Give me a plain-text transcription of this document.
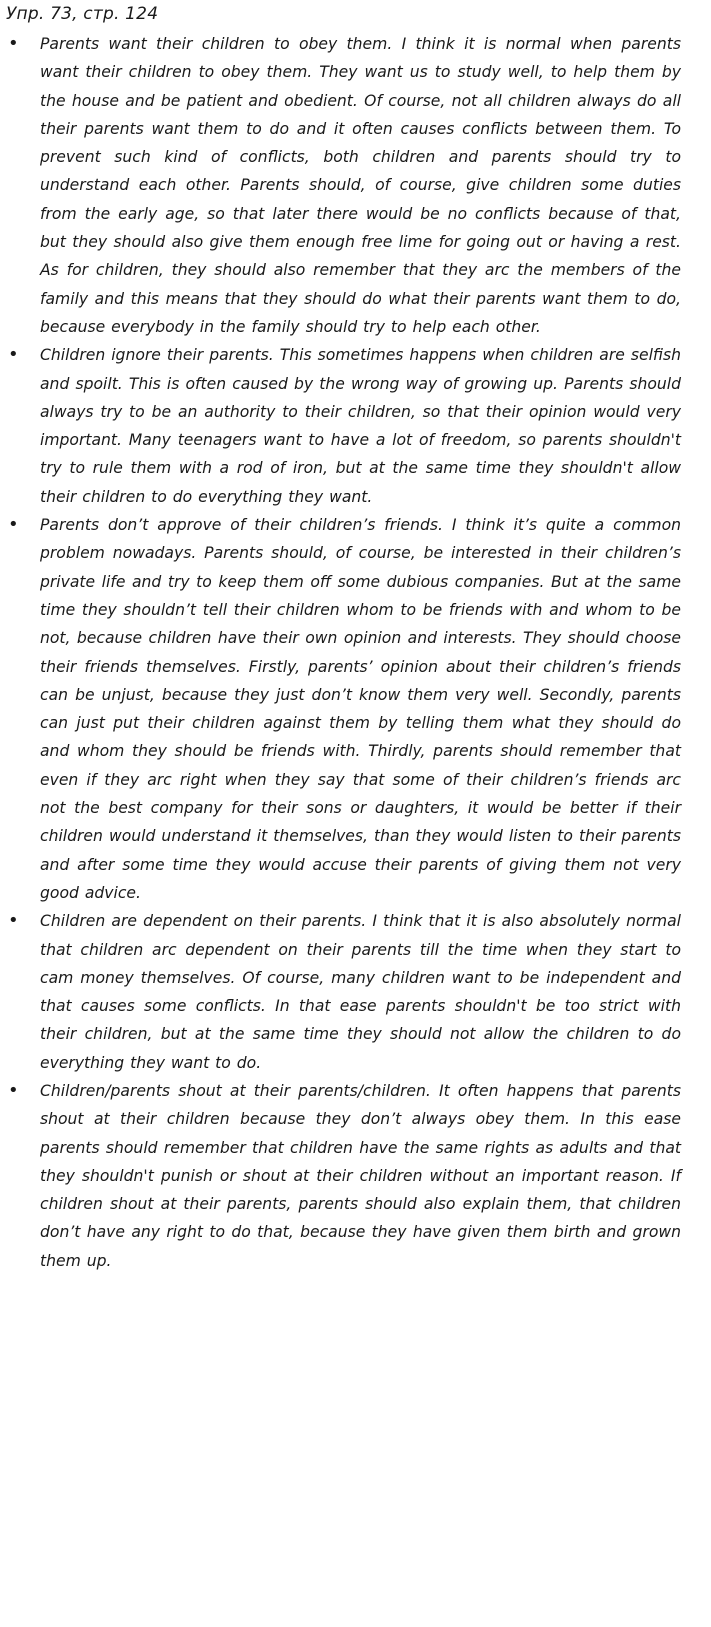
Упр. 73, стр. 124
• Parents want their children to obey them. I think it is normal when parents want their children to obey them. They want us to study well, to help them by the house and be patient and obedient. Of course, not all children always do all their parents want them to do and it often causes conflicts between them. To prevent such kind of conflicts, both children and parents should try to understand each other. Parents should, of course, give children some duties from the early age, so that later there would be no conflicts because of that, but they should also give them enough free lime for going out or having a rest. As for children, they should also remember that they arc the members of the family and this means that they should do what their parents want them to do, because everybody in the family should try to help each other.

• Children ignore their parents. This sometimes happens when children are selfish and spoilt. This is often caused by the wrong way of growing up. Parents should always try to be an authority to their children, so that their opinion would very important. Many teenagers want to have a lot of freedom, so parents shouldn't try to rule them with a rod of iron, but at the same time they shouldn't allow their children to do everything they want.

• Parents don’t approve of their children’s friends. I think it’s quite a common problem nowadays. Parents should, of course, be interested in their children’s private life and try to keep them off some dubious companies. But at the same time they shouldn’t tell their children whom to be friends with and whom to be not, because children have their own opinion and interests. They should choose their friends themselves. Firstly, parents’ opinion about their children’s friends can be unjust, because they just don’t know them very well. Secondly, parents can just put their children against them by telling them what they should do and whom they should be friends with. Thirdly, parents should remember that even if they arc right when they say that some of their children’s friends arc not the best company for their sons or daughters, it would be better if their children would understand it themselves, than they would listen to their parents and after some time they would accuse their parents of giving them not very good advice.

• Children are dependent on their parents. I think that it is also absolutely normal that children arc dependent on their parents till the time when they start to cam money themselves. Of course, many children want to be independent and that causes some conflicts. In that ease parents shouldn't be too strict with their children, but at the same time they should not allow the children to do everything they want to do.

• Children/parents shout at their parents/children. It often happens that parents shout at their children because they don’t always obey them. In this ease parents should remember that children have the same rights as adults and that they shouldn't punish or shout at their children without an important reason. If children shout at their parents, parents should also explain them, that children don’t have any right to do that, because they have given them birth and grown them up.
